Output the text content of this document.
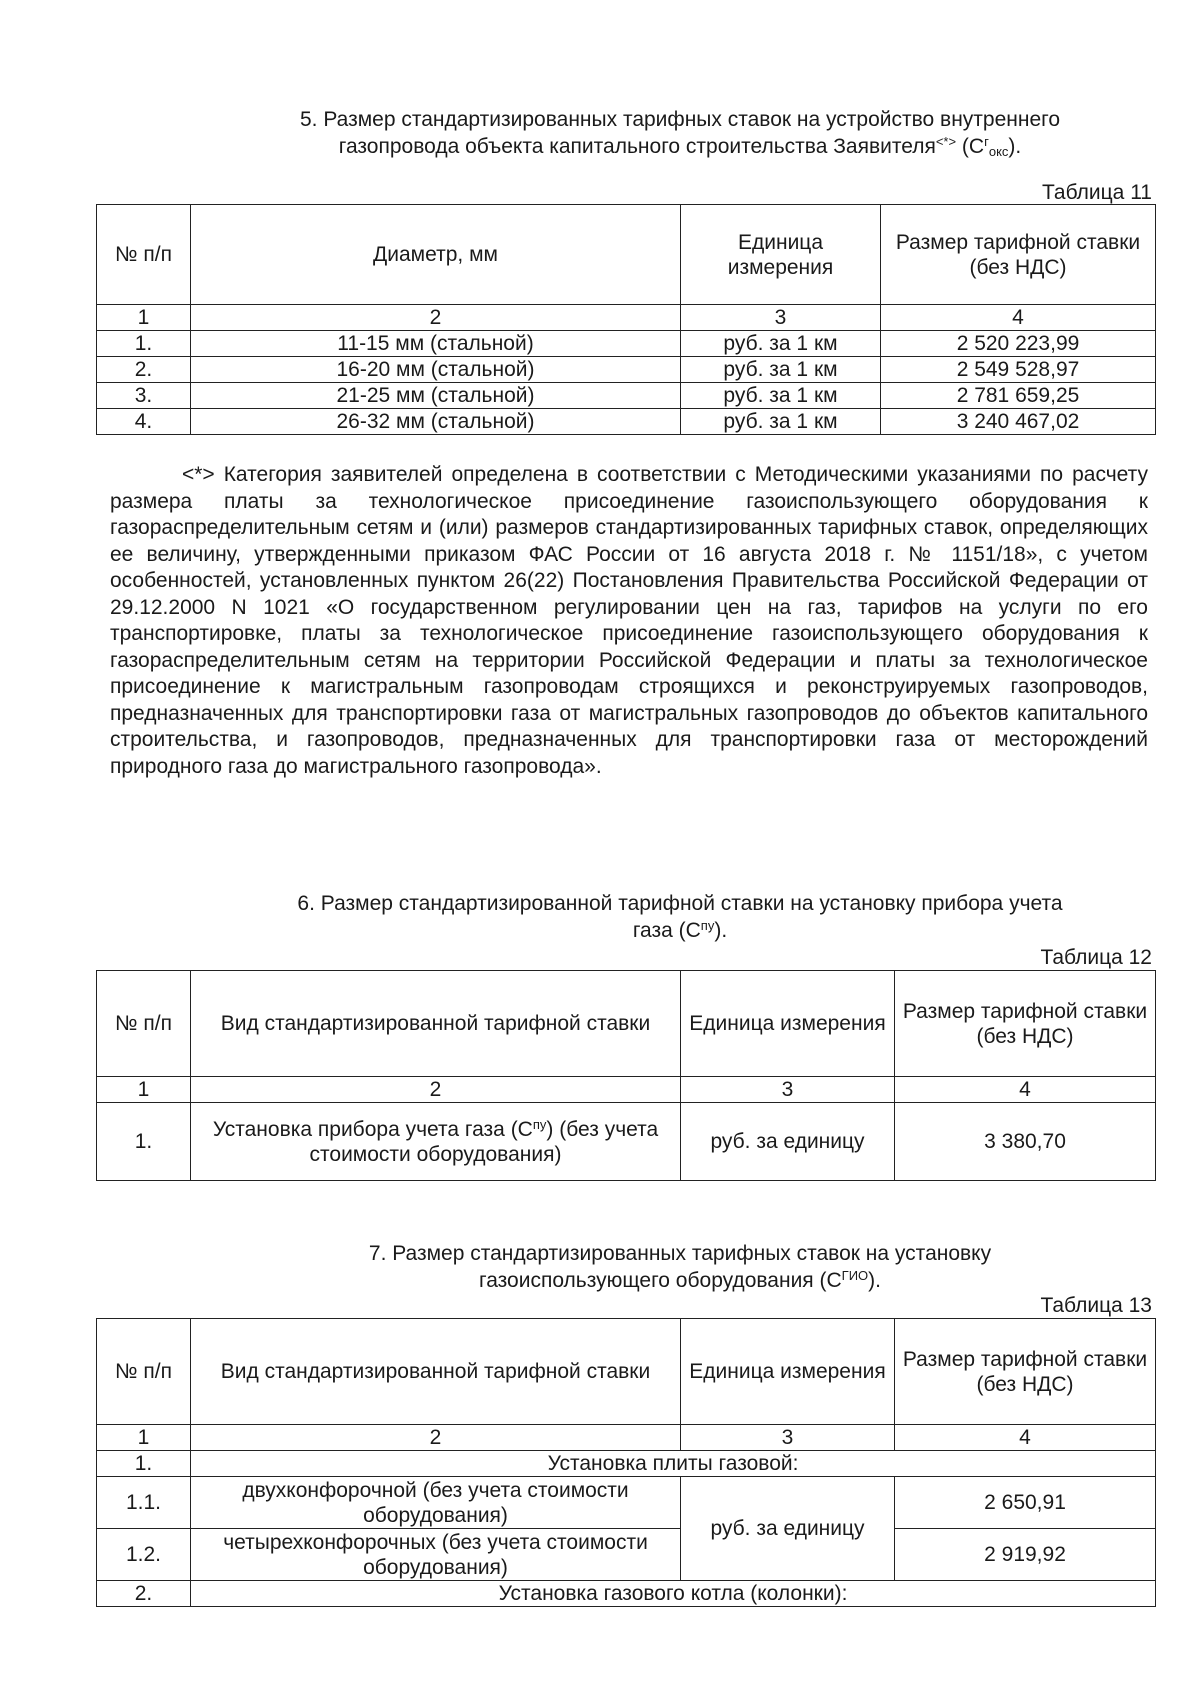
5. Размер стандартизированных тарифных ставок на устройство внутреннего
газопровода объекта капитального строительства Заявителя<*> $(С^г_{окс})$.
Таблица 11
№ п/п	Диаметр, мм	Единица измерения	Размер тарифной ставки (без НДС)
1	2	3	4
1.	11-15 мм (стальной)	руб. за 1 км	2 520 223,99
2.	16-20 мм (стальной)	руб. за 1 км	2 549 528,97
3.	21-25 мм (стальной)	руб. за 1 км	2 781 659,25
4.	26-32 мм (стальной)	руб. за 1 км	3 240 467,02
<*> Категория заявителей определена в соответствии с Методическими указаниями по расчету размера платы за технологическое присоединение газоиспользующего оборудования к газораспределительным сетям и (или) размеров стандартизированных тарифных ставок, определяющих ее величину, утвержденными приказом ФАС России от 16 августа 2018 г. № 1151/18», с учетом особенностей, установленных пунктом 26(22) Постановления Правительства Российской Федерации от 29.12.2000 N 1021 «О государственном регулировании цен на газ, тарифов на услуги по его транспортировке, платы за технологическое присоединение газоиспользующего оборудования к газораспределительным сетям на территории Российской Федерации и платы за технологическое присоединение к магистральным газопроводам строящихся и реконструируемых газопроводов, предназначенных для транспортировки газа от магистральных газопроводов до объектов капитального строительства, и газопроводов, предназначенных для транспортировки газа от месторождений природного газа до магистрального газопровода».
6. Размер стандартизированной тарифной ставки на установку прибора учета
газа $(С^{пу})$.
Таблица 12
№ п/п	Вид стандартизированной тарифной ставки	Единица измерения	Размер тарифной ставки (без НДС)
1	2	3	4
1.	Установка прибора учета газа $(С^{пу})$ (без учета стоимости оборудования)	руб. за единицу	3 380,70
7. Размер стандартизированных тарифных ставок на установку
газоиспользующего оборудования $(С^{ГИО})$.
Таблица 13
№ п/п	Вид стандартизированной тарифной ставки	Единица измерения	Размер тарифной ставки (без НДС)
1	2	3	4
1.	Установка плиты газовой:		
1.1.	двухконфорочной (без учета стоимости оборудования)	руб. за единицу	2 650,91
1.2.	четырехконфорочных (без учета стоимости оборудования)		2 919,92
2.	Установка газового котла (колонки):		
